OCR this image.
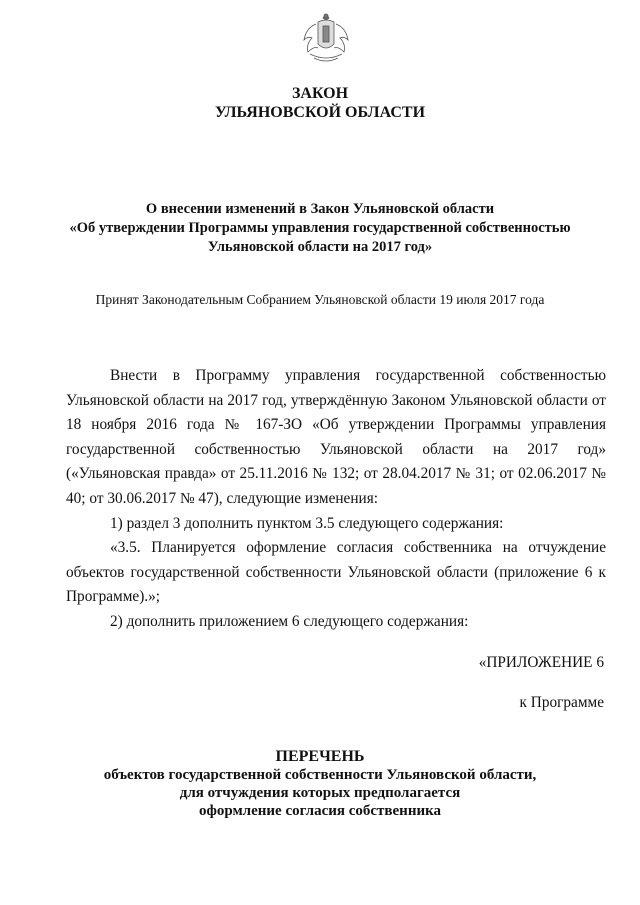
ЗАКОН
УЛЬЯНОВСКОЙ ОБЛАСТИ
О внесении изменений в Закон Ульяновской области
«Об утверждении Программы управления государственной собственностью
Ульяновской области на 2017 год»
Принят Законодательным Собранием Ульяновской области 19 июля 2017 года

Внести в Программу управления государственной собственностью Ульяновской области на 2017 год, утверждённую Законом Ульяновской области от 18 ноября 2016 года № 167-ЗО «Об утверждении Программы управления государственной собственностью Ульяновской области на 2017 год» («Ульяновская правда» от 25.11.2016 № 132; от 28.04.2017 № 31; от 02.06.2017 № 40; от 30.06.2017 № 47), следующие изменения:

1) раздел 3 дополнить пунктом 3.5 следующего содержания:

«3.5. Планируется оформление согласия собственника на отчуждение объектов государственной собственности Ульяновской области (приложение 6 к Программе).»;

2) дополнить приложением 6 следующего содержания:

«ПРИЛОЖЕНИЕ 6
к Программе
ПЕРЕЧЕНЬ
объектов государственной собственности Ульяновской области,
для отчуждения которых предполагается
оформление согласия собственника
